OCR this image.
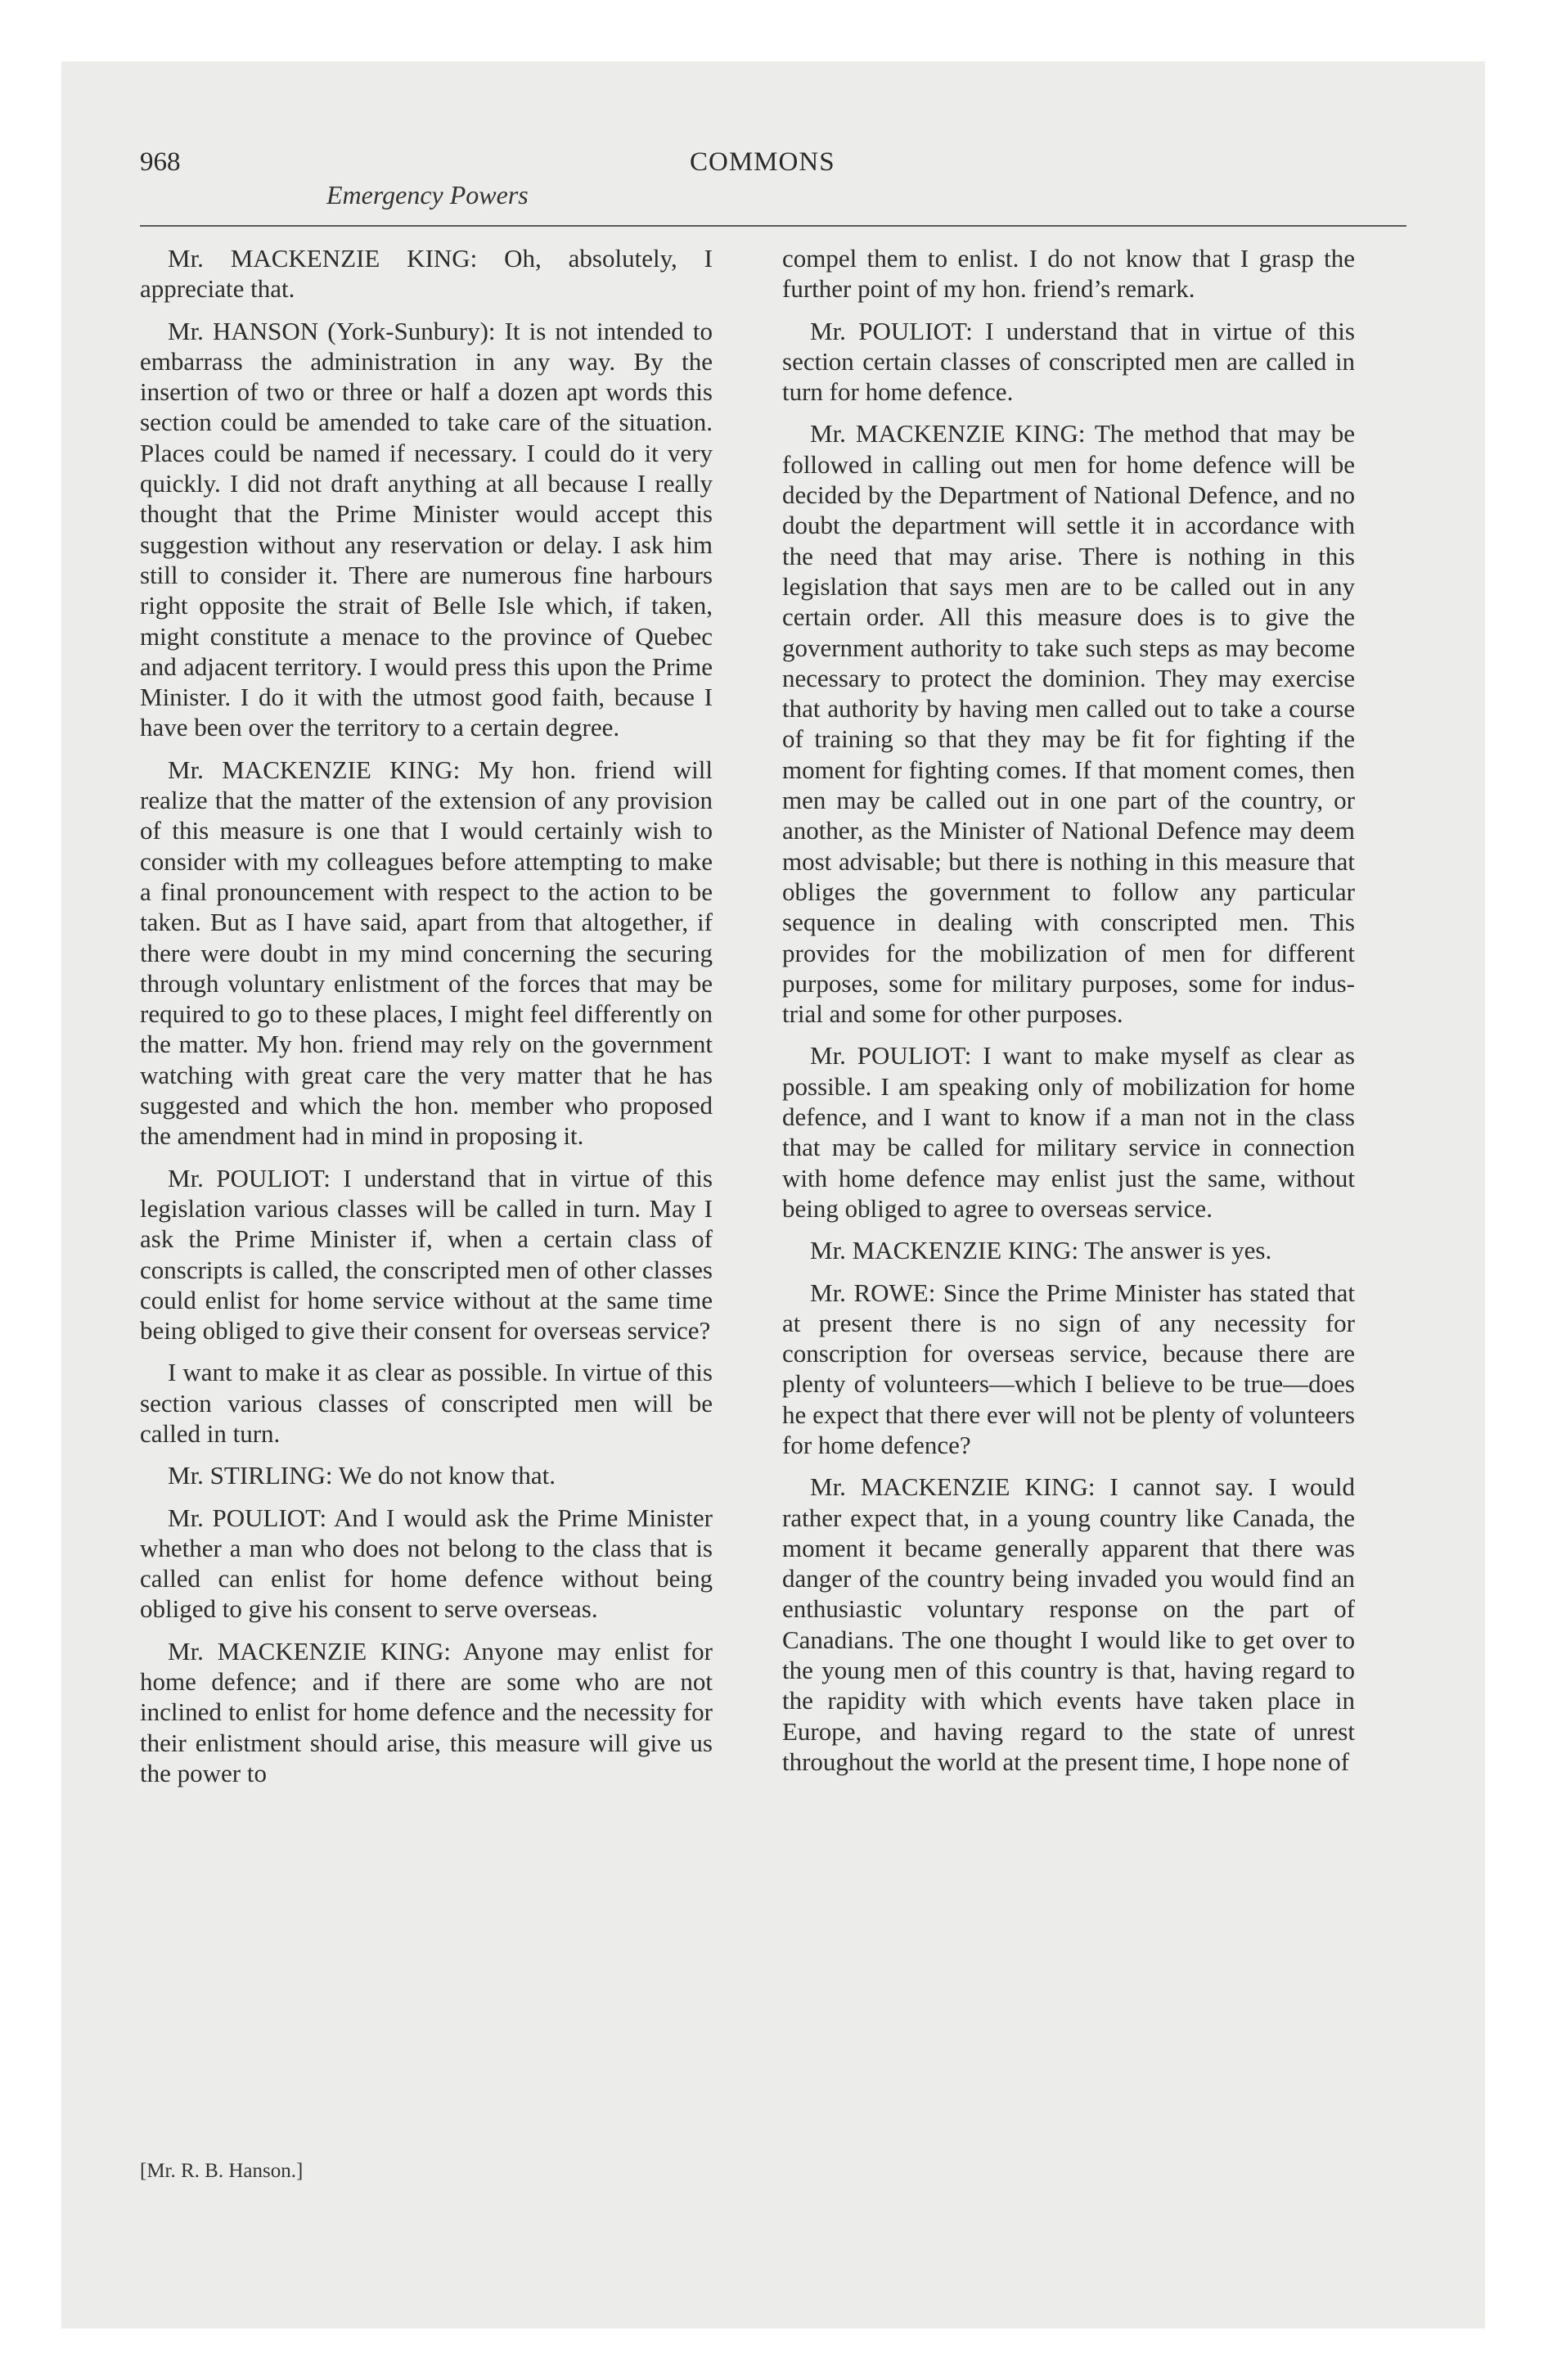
968
Emergency Powers
COMMONS

Mr. MACKENZIE KING: Oh, absolutely, I appreciate that.

Mr. HANSON (York-Sunbury): It is not intended to embarrass the administration in any way. By the insertion of two or three or half a dozen apt words this section could be amended to take care of the situation. Places could be named if necessary. I could do it very quickly. I did not draft anything at all because I really thought that the Prime Minister would accept this suggestion without any reservation or delay. I ask him still to consider it. There are numerous fine harbours right opposite the strait of Belle Isle which, if taken, might constitute a menace to the province of Quebec and adjacent territory. I would press this upon the Prime Minister. I do it with the utmost good faith, because I have been over the territory to a certain degree.

Mr. MACKENZIE KING: My hon. friend will realize that the matter of the extension of any provision of this measure is one that I would certainly wish to consider with my colleagues before attempting to make a final pronouncement with respect to the action to be taken. But as I have said, apart from that altogether, if there were doubt in my mind concerning the securing through voluntary enlistment of the forces that may be required to go to these places, I might feel differently on the matter. My hon. friend may rely on the government watching with great care the very matter that he has suggested and which the hon. member who proposed the amendment had in mind in proposing it.

Mr. POULIOT: I understand that in virtue of this legislation various classes will be called in turn. May I ask the Prime Minister if, when a certain class of conscripts is called, the conscripted men of other classes could enlist for home service without at the same time being obliged to give their consent for overseas service?

I want to make it as clear as possible. In virtue of this section various classes of conscripted men will be called in turn.

Mr. STIRLING: We do not know that.

Mr. POULIOT: And I would ask the Prime Minister whether a man who does not belong to the class that is called can enlist for home defence without being obliged to give his consent to serve overseas.

Mr. MACKENZIE KING: Anyone may enlist for home defence; and if there are some who are not inclined to enlist for home defence and the necessity for their enlistment should arise, this measure will give us the power to

compel them to enlist. I do not know that I grasp the further point of my hon. friend’s remark.

Mr. POULIOT: I understand that in virtue of this section certain classes of conscripted men are called in turn for home defence.

Mr. MACKENZIE KING: The method that may be followed in calling out men for home defence will be decided by the Department of National Defence, and no doubt the department will settle it in accordance with the need that may arise. There is nothing in this legislation that says men are to be called out in any certain order. All this measure does is to give the government authority to take such steps as may become necessary to protect the dominion. They may exercise that authority by having men called out to take a course of training so that they may be fit for fighting if the moment for fighting comes. If that moment comes, then men may be called out in one part of the country, or another, as the Minister of National Defence may deem most advisable; but there is nothing in this measure that obliges the government to follow any particular sequence in dealing with conscripted men. This provides for the mobilization of men for different purposes, some for military purposes, some for industrial and some for other purposes.

Mr. POULIOT: I want to make myself as clear as possible. I am speaking only of mobilization for home defence, and I want to know if a man not in the class that may be called for military service in connection with home defence may enlist just the same, without being obliged to agree to overseas service.

Mr. MACKENZIE KING: The answer is yes.

Mr. ROWE: Since the Prime Minister has stated that at present there is no sign of any necessity for conscription for overseas service, because there are plenty of volunteers—which I believe to be true—does he expect that there ever will not be plenty of volunteers for home defence?

Mr. MACKENZIE KING: I cannot say. I would rather expect that, in a young country like Canada, the moment it became generally apparent that there was danger of the country being invaded you would find an enthusiastic voluntary response on the part of Canadians. The one thought I would like to get over to the young men of this country is that, having regard to the rapidity with which events have taken place in Europe, and having regard to the state of unrest throughout the world at the present time, I hope none of

[Mr. R. B. Hanson.]
